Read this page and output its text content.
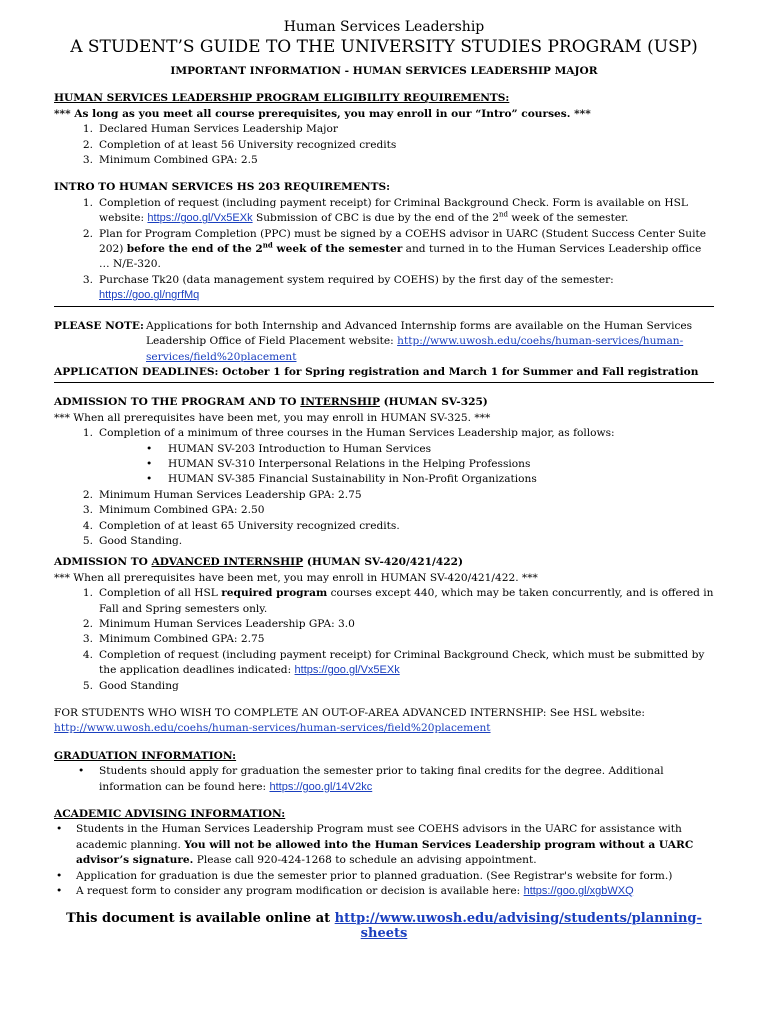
Human Services Leadership

A STUDENT’S GUIDE TO THE UNIVERSITY STUDIES PROGRAM (USP)

IMPORTANT INFORMATION - HUMAN SERVICES LEADERSHIP MAJOR

HUMAN SERVICES LEADERSHIP PROGRAM ELIGIBILITY REQUIREMENTS:

*** As long as you meet all course prerequisites, you may enroll in our “Intro” courses. ***

1. Declared Human Services Leadership Major
2. Completion of at least 56 University recognized credits
3. Minimum Combined GPA: 2.5

INTRO TO HUMAN SERVICES HS 203 REQUIREMENTS:

1. Completion of request (including payment receipt) for Criminal Background Check. Form is available on HSL website: https://goo.gl/Vx5EXk Submission of CBC is due by the end of the 2nd week of the semester.
2. Plan for Program Completion (PPC) must be signed by a COEHS advisor in UARC (Student Success Center Suite 202) before the end of the 2nd week of the semester and turned in to the Human Services Leadership office … N/E-320.
3. Purchase Tk20 (data management system required by COEHS) by the first day of the semester:
https://goo.gl/ngrfMq
PLEASE NOTE: Applications for both Internship and Advanced Internship forms are available on the Human Services Leadership Office of Field Placement website: http://www.uwosh.edu/coehs/human-services/human-services/field%20placement

APPLICATION DEADLINES: October 1 for Spring registration and March 1 for Summer and Fall registration

ADMISSION TO THE PROGRAM AND TO INTERNSHIP (HUMAN SV-325)

*** When all prerequisites have been met, you may enroll in HUMAN SV-325. ***

1. Completion of a minimum of three courses in the Human Services Leadership major, as follows:
• HUMAN SV-203 Introduction to Human Services
• HUMAN SV-310 Interpersonal Relations in the Helping Professions
• HUMAN SV-385 Financial Sustainability in Non-Profit Organizations
2. Minimum Human Services Leadership GPA: 2.75
3. Minimum Combined GPA: 2.50
4. Completion of at least 65 University recognized credits.
5. Good Standing.

ADMISSION TO ADVANCED INTERNSHIP (HUMAN SV-420/421/422)

*** When all prerequisites have been met, you may enroll in HUMAN SV-420/421/422. ***

1. Completion of all HSL required program courses except 440, which may be taken concurrently, and is offered in Fall and Spring semesters only.
2. Minimum Human Services Leadership GPA: 3.0
3. Minimum Combined GPA: 2.75
4. Completion of request (including payment receipt) for Criminal Background Check, which must be submitted by the application deadlines indicated: https://goo.gl/Vx5EXk
5. Good Standing

FOR STUDENTS WHO WISH TO COMPLETE AN OUT-OF-AREA ADVANCED INTERNSHIP: See HSL website:

http://www.uwosh.edu/coehs/human-services/human-services/field%20placement

GRADUATION INFORMATION:

• Students should apply for graduation the semester prior to taking final credits for the degree. Additional information can be found here: https://goo.gl/14V2kc

ACADEMIC ADVISING INFORMATION:

• Students in the Human Services Leadership Program must see COEHS advisors in the UARC for assistance with academic planning. You will not be allowed into the Human Services Leadership program without a UARC advisor’s signature. Please call 920-424-1268 to schedule an advising appointment.
• Application for graduation is due the semester prior to planned graduation. (See Registrar's website for form.)
• A request form to consider any program modification or decision is available here: https://goo.gl/xgbWXQ

This document is available online at http://www.uwosh.edu/advising/students/planning-sheets
